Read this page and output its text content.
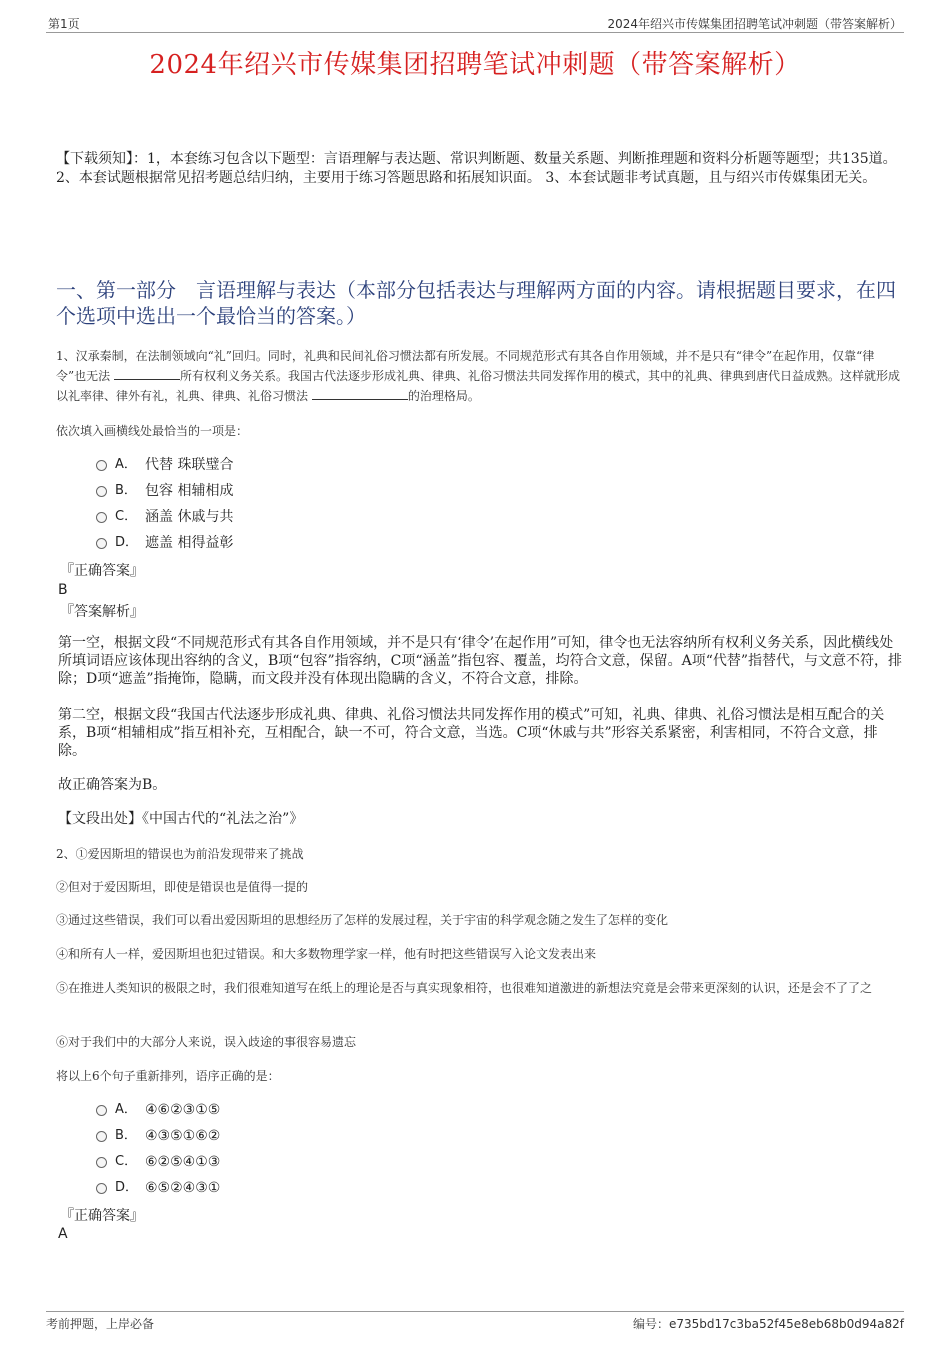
第1页	2024年绍兴市传媒集团招聘笔试冲刺题（带答案解析）
2024年绍兴市传媒集团招聘笔试冲刺题（带答案解析）
【下载须知】：1，本套练习包含以下题型：言语理解与表达题、常识判断题、数量关系题、判断推理题和资料分析题等题型；共135道。 2、本套试题根据常见招考题总结归纳，主要用于练习答题思路和拓展知识面。 3、本套试题非考试真题，且与绍兴市传媒集团无关。
一、第一部分　言语理解与表达（本部分包括表达与理解两方面的内容。请根据题目要求，在四个选项中选出一个最恰当的答案。）
1、汉承秦制，在法制领域向“礼”回归。同时，礼典和民间礼俗习惯法都有所发展。不同规范形式有其各自作用领域，并不是只有“律令”在起作用，仅靠“律令”也无法	所有权利义务关系。我国古代法逐步形成礼典、律典、礼俗习惯法共同发挥作用的模式，其中的礼典、律典到唐代日益成熟。这样就形成以礼率律、律外有礼，礼典、律典、礼俗习惯法	的治理格局。
依次填入画横线处最恰当的一项是：
A． 代替 珠联璧合
B． 包容 相辅相成
C． 涵盖 休戚与共
D． 遮盖 相得益彰
『正确答案』
B
『答案解析』
第一空，根据文段“不同规范形式有其各自作用领域，并不是只有‘律令’在起作用”可知，律令也无法容纳所有权利义务关系，因此横线处所填词语应该体现出容纳的含义，B项“包容”指容纳，C项“涵盖”指包容、覆盖，均符合文意，保留。A项“代替”指替代，与文意不符，排除；D项“遮盖”指掩饰，隐瞒，而文段并没有体现出隐瞒的含义，不符合文意，排除。
第二空，根据文段“我国古代法逐步形成礼典、律典、礼俗习惯法共同发挥作用的模式”可知，礼典、律典、礼俗习惯法是相互配合的关系，B项“相辅相成”指互相补充，互相配合，缺一不可，符合文意，当选。C项“休戚与共”形容关系紧密，利害相同，不符合文意，排除。
故正确答案为B。
【文段出处】《中国古代的“礼法之治”》
2、①爱因斯坦的错误也为前沿发现带来了挑战
②但对于爱因斯坦，即使是错误也是值得一提的
③通过这些错误，我们可以看出爱因斯坦的思想经历了怎样的发展过程，关于宇宙的科学观念随之发生了怎样的变化
④和所有人一样，爱因斯坦也犯过错误。和大多数物理学家一样，他有时把这些错误写入论文发表出来
⑤在推进人类知识的极限之时，我们很难知道写在纸上的理论是否与真实现象相符，也很难知道激进的新想法究竟是会带来更深刻的认识，还是会不了了之
⑥对于我们中的大部分人来说，误入歧途的事很容易遗忘
将以上6个句子重新排列，语序正确的是：
A． ④⑥②③①⑤
B． ④③⑤①⑥②
C． ⑥②⑤④①③
D． ⑥⑤②④③①
『正确答案』
A
考前押题，上岸必备	编号：e735bd17c3ba52f45e8eb68b0d94a82f
